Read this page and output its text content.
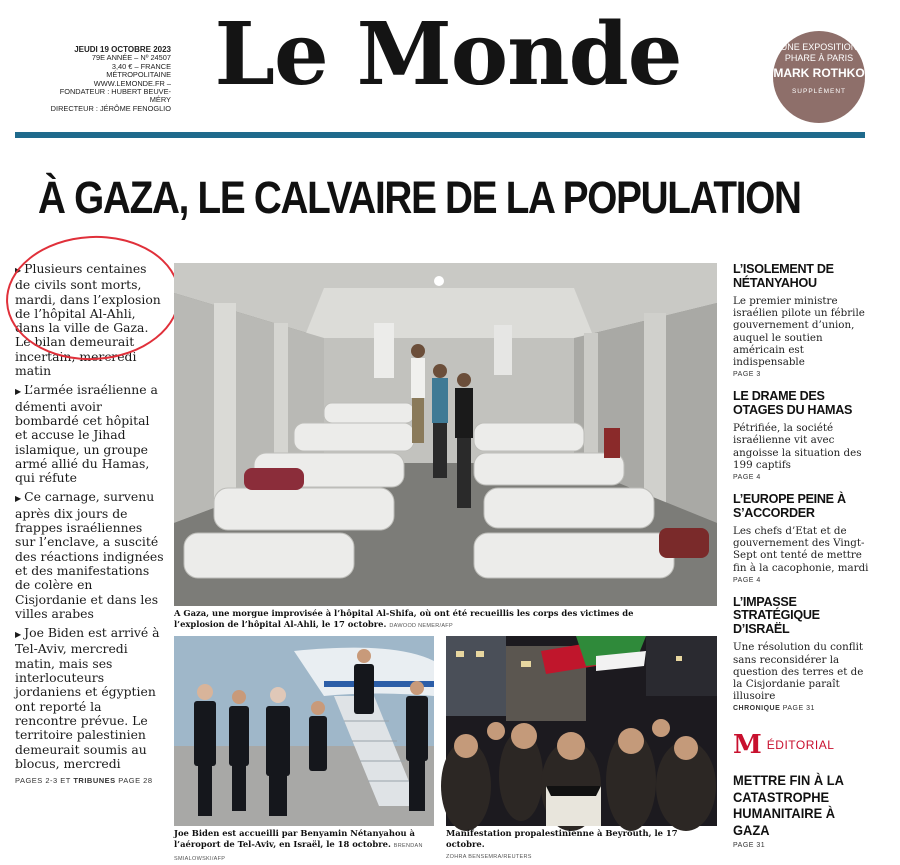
JEUDI 19 OCTOBRE 2023
79E ANNÉE – Nº 24507
3,40 € – FRANCE MÉTROPOLITAINE
WWW.LEMONDE.FR –
FONDATEUR : HUBERT BEUVE-MÉRY
DIRECTEUR : JÉRÔME FENOGLIO
Le Monde	UNE EXPOSITION
PHARE À PARIS
MARK ROTHKO
SUPPLÉMENT
À GAZA, LE CALVAIRE DE LA POPULATION
▶ Plusieurs centaines de civils sont morts, mardi, dans l’explosion de l’hôpital Al-Ahli, dans la ville de Gaza. Le bilan demeurait incertain, mercredi matin
▶ L’armée israélienne a démenti avoir bombardé cet hôpital et accuse le Jihad islamique, un groupe armé allié du Hamas, qui réfute
▶ Ce carnage, survenu après dix jours de frappes israéliennes sur l’enclave, a suscité des réactions indignées et des manifestations de colère en Cisjordanie et dans les villes arabes
▶ Joe Biden est arrivé à Tel-Aviv, mercredi matin, mais ses interlocuteurs jordaniens et égyptien ont reporté la rencontre prévue. Le territoire palestinien demeurait soumis au blocus, mercredi
PAGES 2-3 ET TRIBUNES PAGE 28
A Gaza, une morgue improvisée à l’hôpital Al-Shifa, où ont été recueillis les corps des victimes de l’explosion de l’hôpital Al-Ahli, le 17 octobre. DAWOOD NEMER/AFP
Joe Biden est accueilli par Benyamin Nétanyahou à l’aéroport de Tel-Aviv, en Israël, le 18 octobre. BRENDAN SMIALOWSKI/AFP
Manifestation propalestinienne à Beyrouth, le 17 octobre.
ZOHRA BENSEMRA/REUTERS
L’ISOLEMENT DE NÉTANYAHOU
Le premier ministre israélien pilote un fébrile gouvernement d’union, auquel le soutien américain est indispensable
PAGE 3
LE DRAME DES OTAGES DU HAMAS
Pétrifiée, la société israélienne vit avec angoisse la situation des 199 captifs
PAGE 4
L’EUROPE PEINE À S’ACCORDER
Les chefs d’Etat et de gouvernement des Vingt-Sept ont tenté de mettre fin à la cacophonie, mardi
PAGE 4
L’IMPASSE STRATÉGIQUE D’ISRAËL
Une résolution du conflit sans reconsidérer la question des terres et de la Cisjordanie paraît illusoire
CHRONIQUE PAGE 31
M ÉDITORIAL
METTRE FIN À LA CATASTROPHE HUMANITAIRE À GAZA
PAGE 31
